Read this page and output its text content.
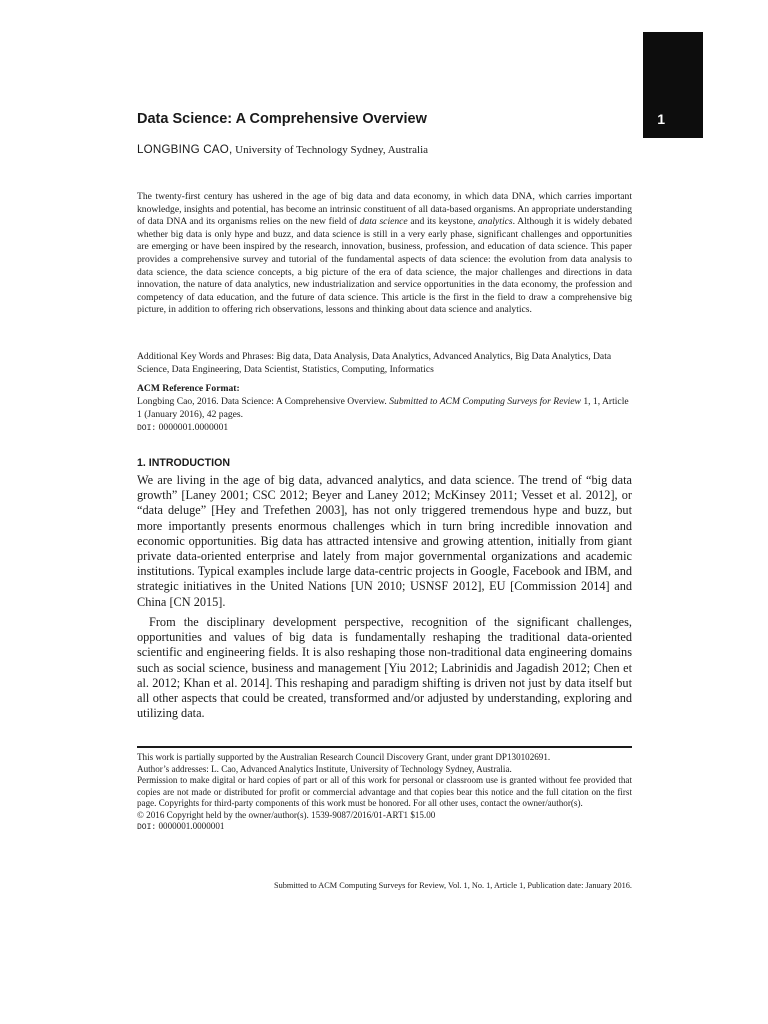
1
Data Science: A Comprehensive Overview
LONGBING CAO, University of Technology Sydney, Australia

The twenty-first century has ushered in the age of big data and data economy, in which data DNA, which carries important knowledge, insights and potential, has become an intrinsic constituent of all data-based organisms. An appropriate understanding of data DNA and its organisms relies on the new field of data science and its keystone, analytics. Although it is widely debated whether big data is only hype and buzz, and data science is still in a very early phase, significant challenges and opportunities are emerging or have been inspired by the research, innovation, business, profession, and education of data science. This paper provides a comprehensive survey and tutorial of the fundamental aspects of data science: the evolution from data analysis to data science, the data science concepts, a big picture of the era of data science, the major challenges and directions in data innovation, the nature of data analytics, new industrialization and service opportunities in the data economy, the profession and competency of data education, and the future of data science. This article is the first in the field to draw a comprehensive big picture, in addition to offering rich observations, lessons and thinking about data science and analytics.

Additional Key Words and Phrases: Big data, Data Analysis, Data Analytics, Advanced Analytics, Big Data Analytics, Data Science, Data Engineering, Data Scientist, Statistics, Computing, Informatics

ACM Reference Format:
Longbing Cao, 2016. Data Science: A Comprehensive Overview. Submitted to ACM Computing Surveys for Review 1, 1, Article 1 (January 2016), 42 pages.
DOI: 0000001.0000001
1. INTRODUCTION

We are living in the age of big data, advanced analytics, and data science. The trend of “big data growth” [Laney 2001; CSC 2012; Beyer and Laney 2012; McKinsey 2011; Vesset et al. 2012], or “data deluge” [Hey and Trefethen 2003], has not only triggered tremendous hype and buzz, but more importantly presents enormous challenges which in turn bring incredible innovation and economic opportunities. Big data has attracted intensive and growing attention, initially from giant private data-oriented enterprise and lately from major governmental organizations and academic institutions. Typical examples include large data-centric projects in Google, Facebook and IBM, and strategic initiatives in the United Nations [UN 2010; USNSF 2012], EU [Commission 2014] and China [CN 2015].

From the disciplinary development perspective, recognition of the significant challenges, opportunities and values of big data is fundamentally reshaping the traditional data-oriented scientific and engineering fields. It is also reshaping those non-traditional data engineering domains such as social science, business and management [Yiu 2012; Labrinidis and Jagadish 2012; Chen et al. 2012; Khan et al. 2014]. This reshaping and paradigm shifting is driven not just by data itself but all other aspects that could be created, transformed and/or adjusted by understanding, exploring and utilizing data.

This work is partially supported by the Australian Research Council Discovery Grant, under grant DP130102691.

Author’s addresses: L. Cao, Advanced Analytics Institute, University of Technology Sydney, Australia.

Permission to make digital or hard copies of part or all of this work for personal or classroom use is granted without fee provided that copies are not made or distributed for profit or commercial advantage and that copies bear this notice and the full citation on the first page. Copyrights for third-party components of this work must be honored. For all other uses, contact the owner/author(s).

© 2016 Copyright held by the owner/author(s). 1539-9087/2016/01-ART1 $15.00

DOI: 0000001.0000001

Submitted to ACM Computing Surveys for Review, Vol. 1, No. 1, Article 1, Publication date: January 2016.
